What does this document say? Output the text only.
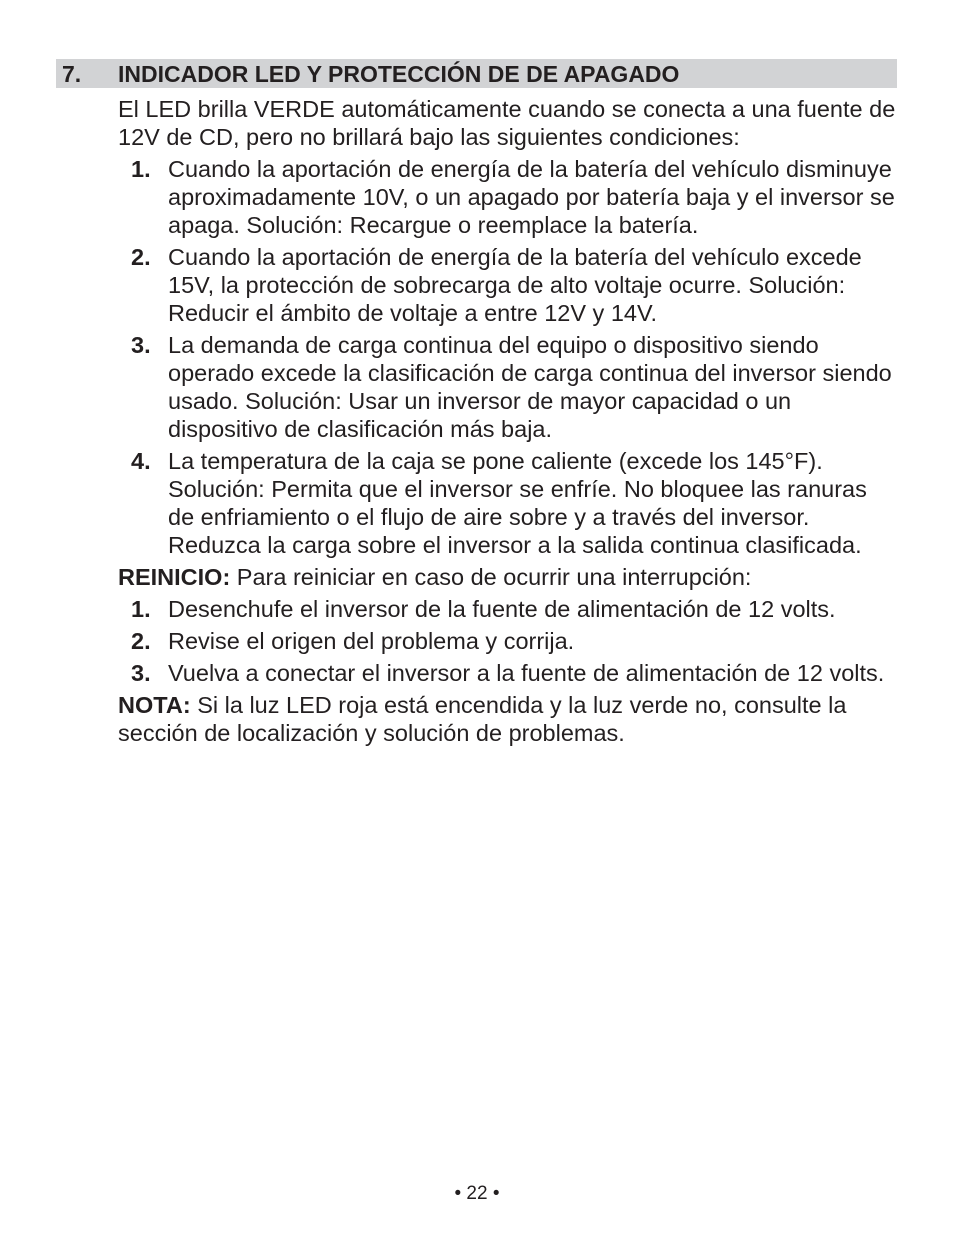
7. INDICADOR LED Y PROTECCIÓN DE DE APAGADO

El LED brilla VERDE automáticamente cuando se conecta a una fuente de 12V de CD, pero no brillará bajo las siguientes condiciones:

1. Cuando la aportación de energía de la batería del vehículo disminuye aproximadamente 10V, o un apagado por batería baja y el inversor se apaga. Solución: Recargue o reemplace la batería.
2. Cuando la aportación de energía de la batería del vehículo excede 15V, la protección de sobrecarga de alto voltaje ocurre. Solución: Reducir el ámbito de voltaje a entre 12V y 14V.
3. La demanda de carga continua del equipo o dispositivo siendo operado excede la clasificación de carga continua del inversor siendo usado. Solución: Usar un inversor de mayor capacidad o un dispositivo de clasificación más baja.
4. La temperatura de la caja se pone caliente (excede los 145°F). Solución: Permita que el inversor se enfríe. No bloquee las ranuras de enfriamiento o el flujo de aire sobre y a través del inversor. Reduzca la carga sobre el inversor a la salida continua clasificada.

REINICIO: Para reiniciar en caso de ocurrir una interrupción:

1. Desenchufe el inversor de la fuente de alimentación de 12 volts.
2. Revise el origen del problema y corrija.
3. Vuelva a conectar el inversor a la fuente de alimentación de 12 volts.

NOTA: Si la luz LED roja está encendida y la luz verde no, consulte la sección de localización y solución de problemas.

• 22 •
